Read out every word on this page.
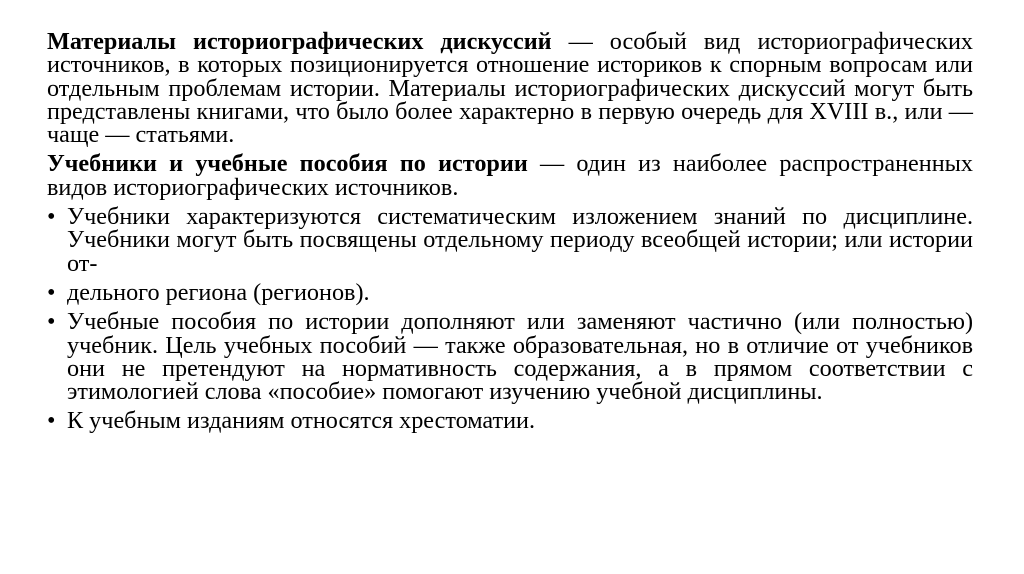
Материалы историографических дискуссий — особый вид историографических источников, в которых позиционируется отношение историков к спорным вопросам или отдельным проблемам истории. Материалы историографических дискуссий могут быть представлены книгами, что было более характерно в первую очередь для XVIII в., или — чаще — статьями.

Учебники и учебные пособия по истории — один из наиболее распространенных видов историографических источников.

• Учебники характеризуются систематическим изложением знаний по дисциплине. Учебники могут быть посвящены отдельному периоду всеобщей истории; или истории от-
• дельного региона (регионов).
• Учебные пособия по истории дополняют или заменяют частично (или полностью) учебник. Цель учебных пособий — также образовательная, но в отличие от учебников они не претендуют на нормативность содержания, а в прямом соответствии с этимологией слова «пособие» помогают изучению учебной дисциплины.
• К учебным изданиям относятся хрестоматии.
